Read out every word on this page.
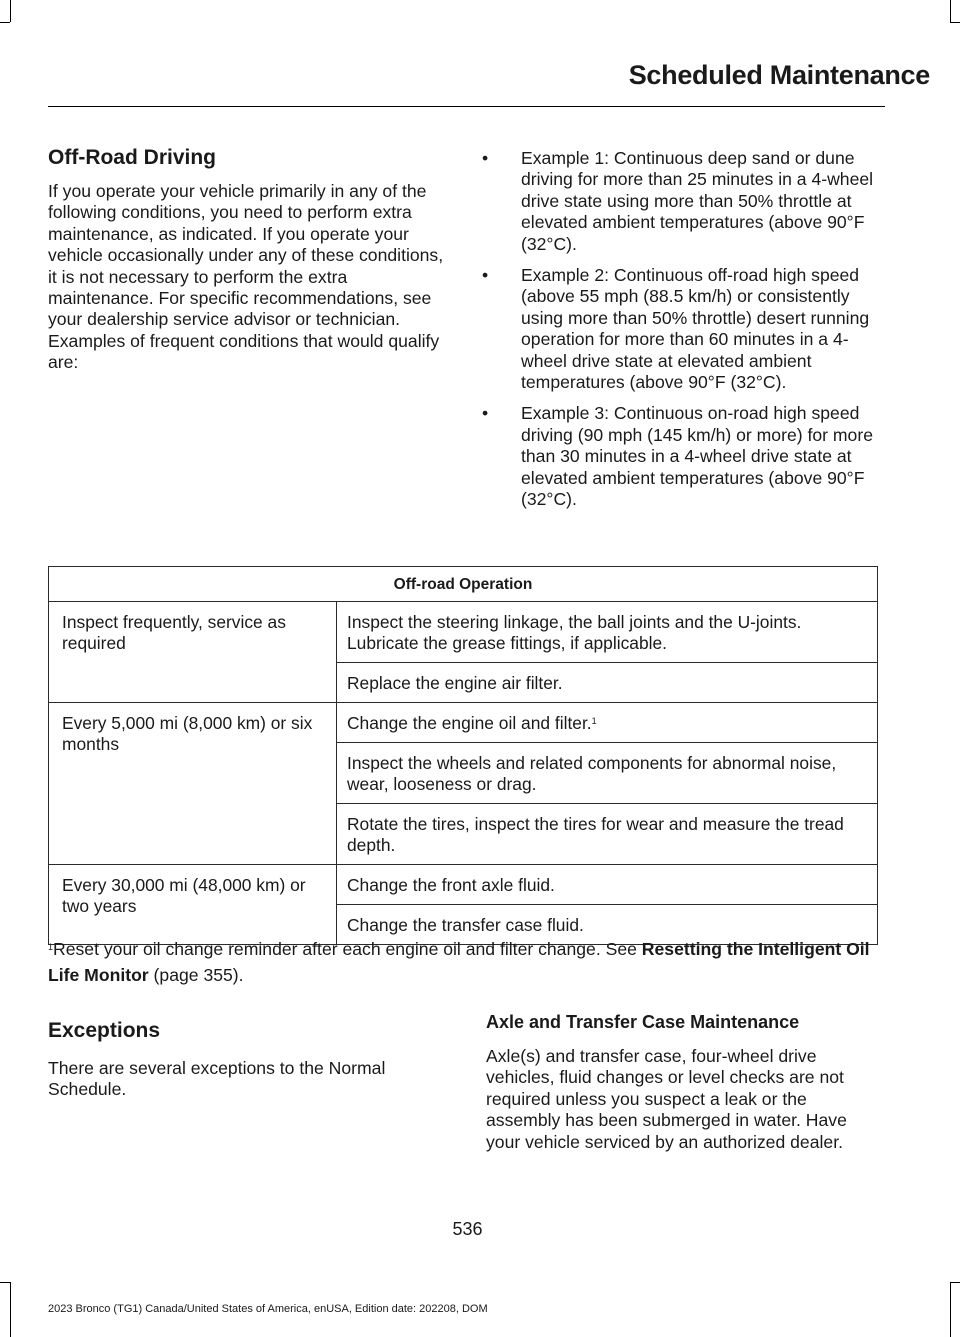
Scheduled Maintenance
Off-Road Driving

If you operate your vehicle primarily in any of the following conditions, you need to perform extra maintenance, as indicated. If you operate your vehicle occasionally under any of these conditions, it is not necessary to perform the extra maintenance. For specific recommendations, see your dealership service advisor or technician. Examples of frequent conditions that would qualify are:

• Example 1: Continuous deep sand or dune driving for more than 25 minutes in a 4-wheel drive state using more than 50% throttle at elevated ambient temperatures (above 90°F (32°C).
• Example 2: Continuous off-road high speed (above 55 mph (88.5 km/h) or consistently using more than 50% throttle) desert running operation for more than 60 minutes in a 4-wheel drive state at elevated ambient temperatures (above 90°F (32°C).
• Example 3: Continuous on-road high speed driving (90 mph (145 km/h) or more) for more than 30 minutes in a 4-wheel drive state at elevated ambient temperatures (above 90°F (32°C).
Off-road Operation	
Inspect frequently, service as required	Inspect the steering linkage, the ball joints and the U-joints. Lubricate the grease fittings, if applicable.
	Replace the engine air filter.
Every 5,000 mi (8,000 km) or six months	Change the engine oil and filter.$^1$
	Inspect the wheels and related components for abnormal noise, wear, looseness or drag.
	Rotate the tires, inspect the tires for wear and measure the tread depth.
Every 30,000 mi (48,000 km) or two years	Change the front axle fluid.
	Change the transfer case fluid.
$^1$Reset your oil change reminder after each engine oil and filter change. See Resetting the Intelligent Oil Life Monitor (page 355).
Exceptions

There are several exceptions to the Normal Schedule.

Axle and Transfer Case Maintenance

Axle(s) and transfer case, four-wheel drive vehicles, fluid changes or level checks are not required unless you suspect a leak or the assembly has been submerged in water. Have your vehicle serviced by an authorized dealer.

536
2023 Bronco (TG1) Canada/United States of America, enUSA, Edition date: 202208, DOM
